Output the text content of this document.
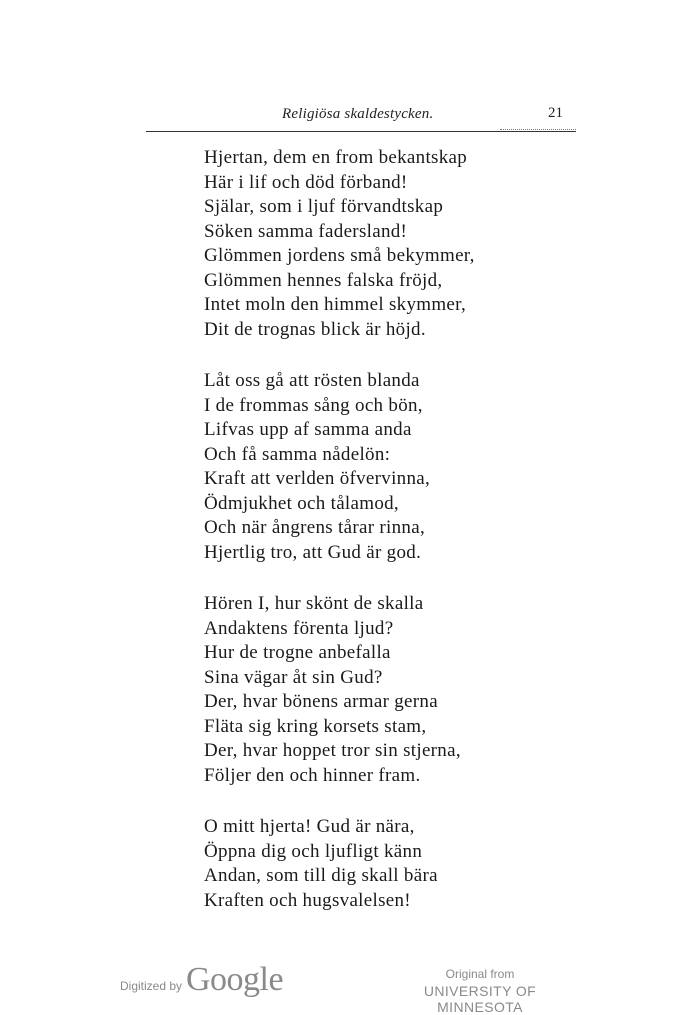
Religiösa skaldestycken.	21
Hjertan, dem en from bekantskap
Här i lif och död förband!
Själar, som i ljuf förvandtskap
Söken samma fadersland!
Glömmen jordens små bekymmer,
Glömmen hennes falska fröjd,
Intet moln den himmel skymmer,
Dit de trognas blick är höjd.
Låt oss gå att rösten blanda
I de frommas sång och bön,
Lifvas upp af samma anda
Och få samma nådelön:
Kraft att verlden öfvervinna,
Ödmjukhet och tålamod,
Och när ångrens tårar rinna,
Hjertlig tro, att Gud är god.
Hören I, hur skönt de skalla
Andaktens förenta ljud?
Hur de trogne anbefalla
Sina vägar åt sin Gud?
Der, hvar bönens armar gerna
Fläta sig kring korsets stam,
Der, hvar hoppet tror sin stjerna,
Följer den och hinner fram.
O mitt hjerta! Gud är nära,
Öppna dig och ljufligt känn
Andan, som till dig skall bära
Kraften och hugsvalelsen!
Digitized by Google	Original from
UNIVERSITY OF MINNESOTA
